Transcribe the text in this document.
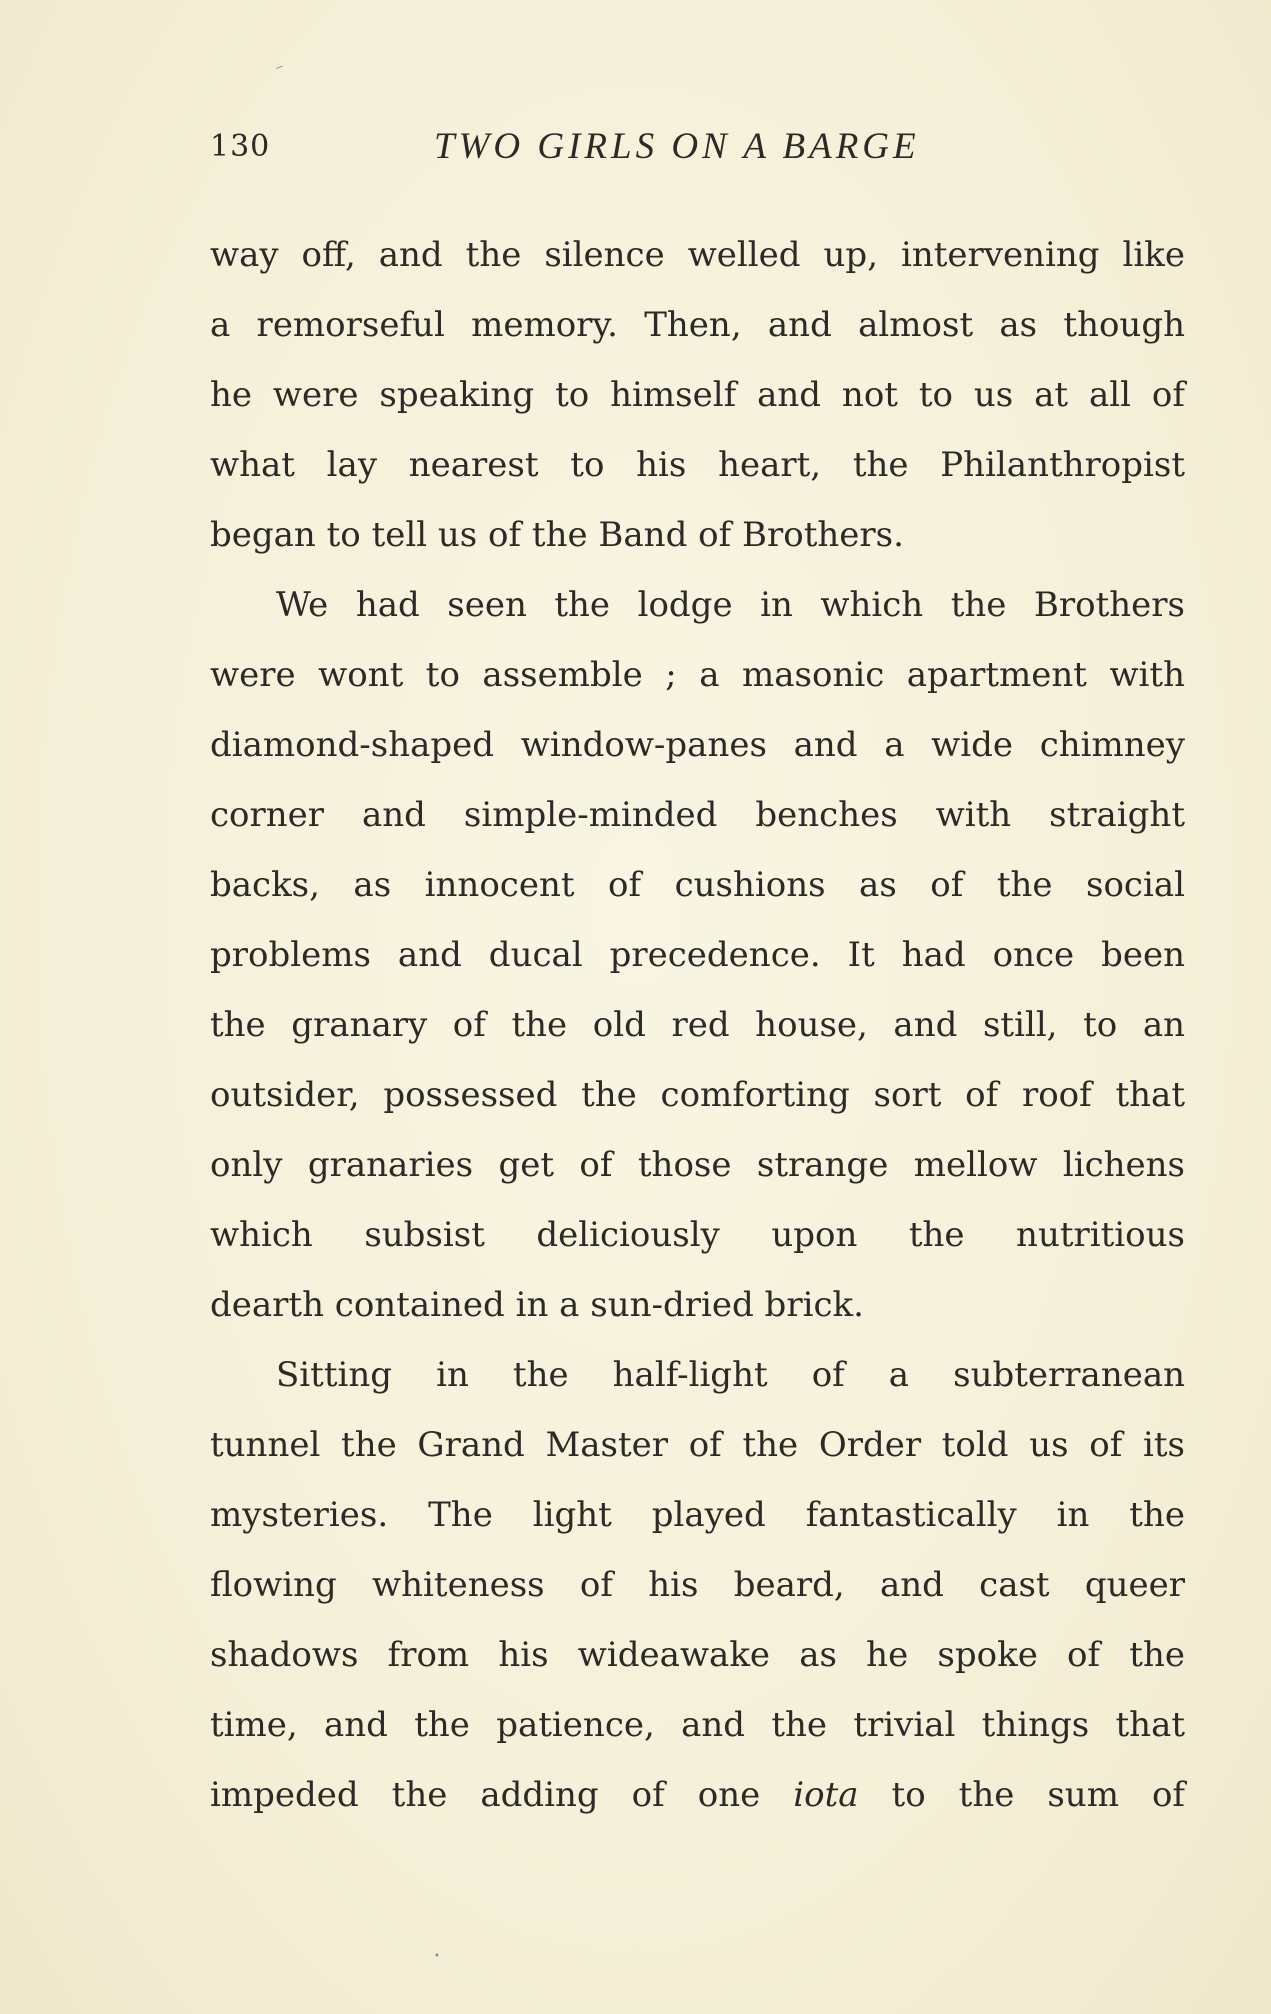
⁻
•
130	TWO GIRLS ON A BARGE
way off, and the silence welled up, intervening like
a remorseful memory. Then, and almost as though
he were speaking to himself and not to us at all of
what lay nearest to his heart, the Philanthropist
began to tell us of the Band of Brothers.
We had seen the lodge in which the Brothers
were wont to assemble ; a masonic apartment with
diamond-shaped window-panes and a wide chimney
corner and simple-minded benches with straight
backs, as innocent of cushions as of the social
problems and ducal precedence. It had once been
the granary of the old red house, and still, to an
outsider, possessed the comforting sort of roof that
only granaries get of those strange mellow lichens
which subsist deliciously upon the nutritious
dearth contained in a sun-dried brick.
Sitting in the half-light of a subterranean
tunnel the Grand Master of the Order told us of its
mysteries. The light played fantastically in the
flowing whiteness of his beard, and cast queer
shadows from his wideawake as he spoke of the
time, and the patience, and the trivial things that
impeded the adding of one iota to the sum of
